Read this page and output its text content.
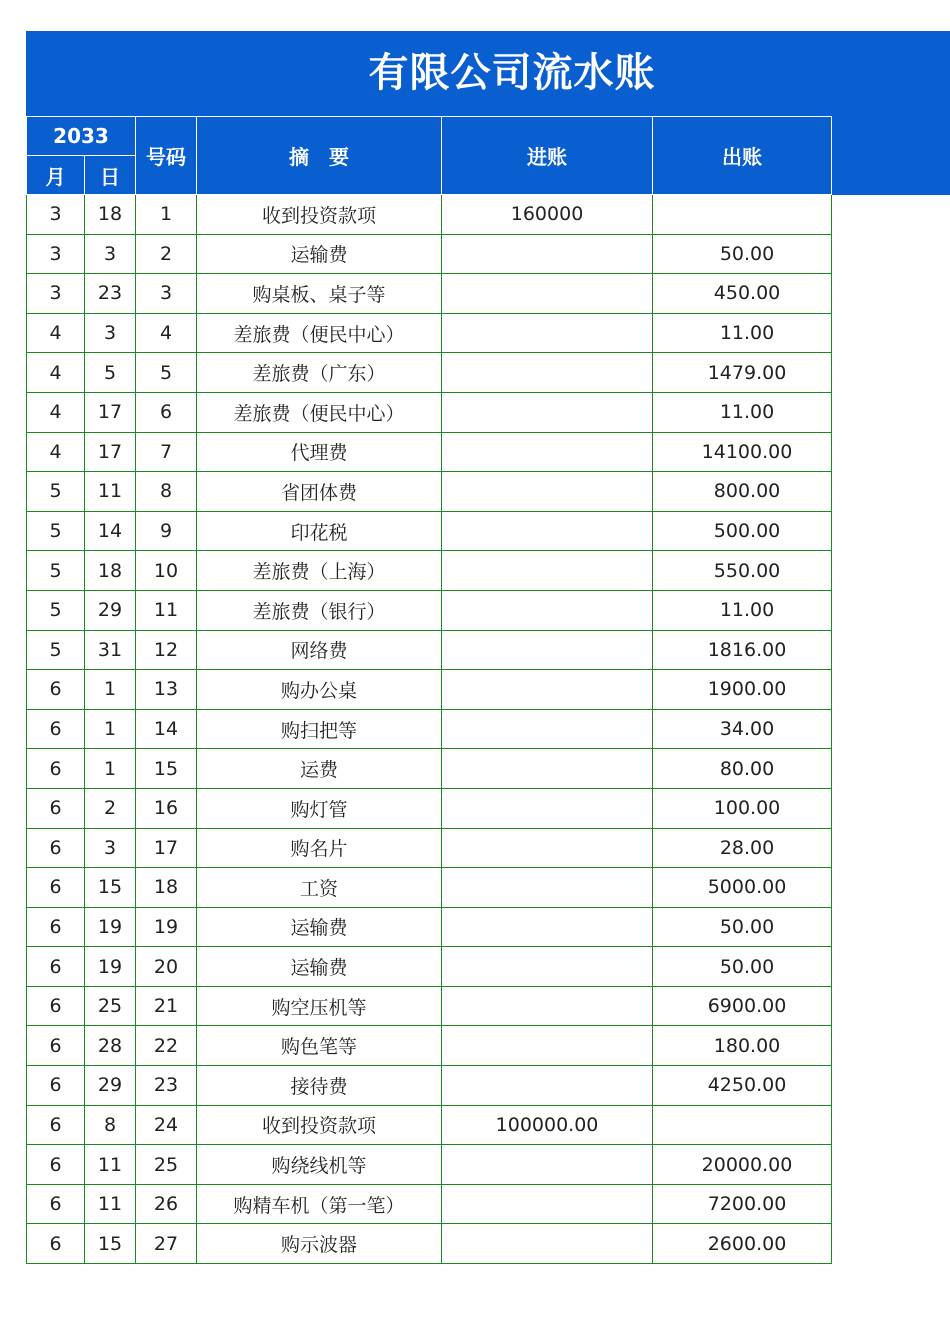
有限公司流水账
2033		号码	摘　要	进账	出账
月	日				
3	18	1	收到投资款项	160000	
3	3	2	运输费		50.00
3	23	3	购桌板、桌子等		450.00
4	3	4	差旅费（便民中心）		11.00
4	5	5	差旅费（广东）		1479.00
4	17	6	差旅费（便民中心）		11.00
4	17	7	代理费		14100.00
5	11	8	省团体费		800.00
5	14	9	印花税		500.00
5	18	10	差旅费（上海）		550.00
5	29	11	差旅费（银行）		11.00
5	31	12	网络费		1816.00
6	1	13	购办公桌		1900.00
6	1	14	购扫把等		34.00
6	1	15	运费		80.00
6	2	16	购灯管		100.00
6	3	17	购名片		28.00
6	15	18	工资		5000.00
6	19	19	运输费		50.00
6	19	20	运输费		50.00
6	25	21	购空压机等		6900.00
6	28	22	购色笔等		180.00
6	29	23	接待费		4250.00
6	8	24	收到投资款项	100000.00	
6	11	25	购绕线机等		20000.00
6	11	26	购精车机（第一笔）		7200.00
6	15	27	购示波器		2600.00
